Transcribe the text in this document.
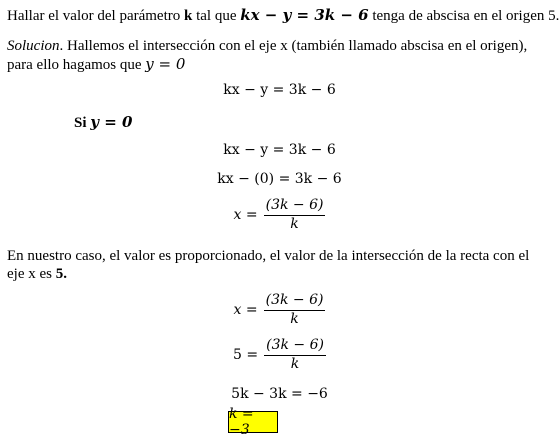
Hallar el valor del parámetro k tal que kx − y = 3k − 6 tenga de abscisa en el origen 5.
Solucion. Hallemos el intersección con el eje x (también llamado abscisa en el origen),
para ello hagamos que y = 0
kx − y = 3k − 6
Si y = 0
kx − y = 3k − 6
kx − (0) = 3k − 6
$x = \frac{(3k - 6)}{k}$
En nuestro caso, el valor es proporcionado, el valor de la intersección de la recta con el
eje x es 5.
$x = \frac{(3k - 6)}{k}$
$5 = \frac{(3k - 6)}{k}$
5k − 3k = −6
k = −3
